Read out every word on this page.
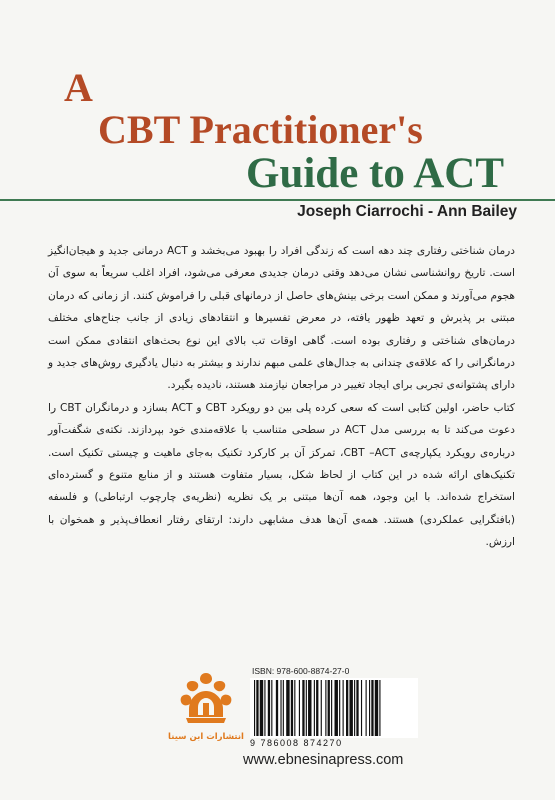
A
CBT Practitioner's
Guide to ACT
Joseph Ciarrochi - Ann Bailey

درمان شناختی رفتاری چند دهه است که زندگی افراد را بهبود می‌بخشد و ACT درمانی جدید و هیجان‌انگیز است. تاریخ روانشناسی نشان می‌دهد وقتی درمان جدیدی معرفی می‌شود، افراد اغلب سریعاً به سوی آن هجوم می‌آورند و ممکن است برخی بینش‌های حاصل از درمانهای قبلی را فراموش کنند. از زمانی که درمان مبتنی بر پذیرش و تعهد ظهور یافته، در معرض تفسیرها و انتقادهای زیادی از جانب جناح‌های مختلف درمان‌های شناختی و رفتاری بوده است. گاهی اوقات تب بالای این نوع بحث‌های انتقادی ممکن است درمانگرانی را که علاقه‌ی چندانی به جدال‌های علمی مبهم ندارند و بیشتر به دنبال یادگیری روش‌های جدید و دارای پشتوانه‌ی تجربی برای ایجاد تغییر در مراجعان نیازمند هستند، نادیده بگیرد.

کتاب حاضر، اولین کتابی است که سعی کرده پلی بین دو رویکرد CBT و ACT بسازد و درمانگران CBT را دعوت می‌کند تا به بررسی مدل ACT در سطحی متناسب با علاقه‌مندی خود بپردازند. نکته‌ی شگفت‌آور درباره‌ی رویکرد یکپارچه‌ی CBT –ACT، تمرکز آن بر کارکرد تکنیک به‌جای ماهیت و چیستی تکنیک است. تکنیک‌های ارائه شده در این کتاب از لحاظ شکل، بسیار متفاوت هستند و از منابع متنوع و گسترده‌ای استخراج شده‌اند. با این وجود، همه آن‌ها مبتنی بر یک نظریه (نظریه‌ی چارچوب ارتباطی) و فلسفه (بافتگرایی عملکردی) هستند. همه‌ی آن‌ها هدف مشابهی دارند: ارتقای رفتار انعطاف‌پذیر و همخوان با ارزش.

انتشارات ابن سینا
ISBN: 978-600-8874-27-0
9 786008 874270
www.ebnesinapress.com
